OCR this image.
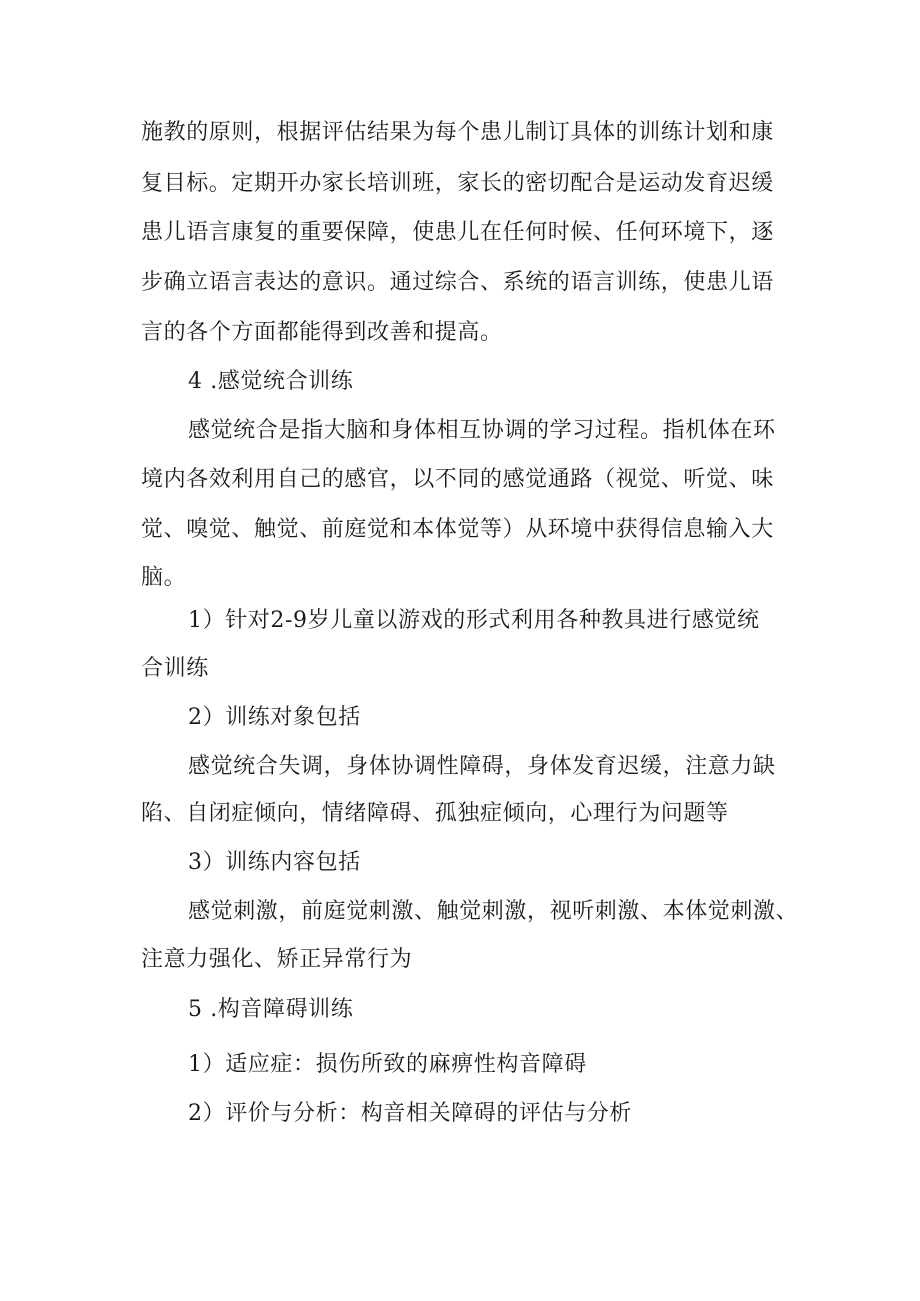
施教的原则，根据评估结果为每个患儿制订具体的训练计划和康
复目标。定期开办家长培训班，家长的密切配合是运动发育迟缓
患儿语言康复的重要保障，使患儿在任何时候、任何环境下，逐
步确立语言表达的意识。通过综合、系统的语言训练，使患儿语
言的各个方面都能得到改善和提高。
4 .感觉统合训练
感觉统合是指大脑和身体相互协调的学习过程。指机体在环
境内各效利用自己的感官，以不同的感觉通路（视觉、听觉、味
觉、嗅觉、触觉、前庭觉和本体觉等）从环境中获得信息输入大
脑。
1）针对2-9岁儿童以游戏的形式利用各种教具进行感觉统
合训练
2）训练对象包括
感觉统合失调，身体协调性障碍，身体发育迟缓，注意力缺
陷、自闭症倾向，情绪障碍、孤独症倾向，心理行为问题等
3）训练内容包括
感觉刺激，前庭觉刺激、触觉刺激，视听刺激、本体觉刺激、
注意力强化、矫正异常行为
5 .构音障碍训练
1）适应症：损伤所致的麻痹性构音障碍
2）评价与分析：构音相关障碍的评估与分析
